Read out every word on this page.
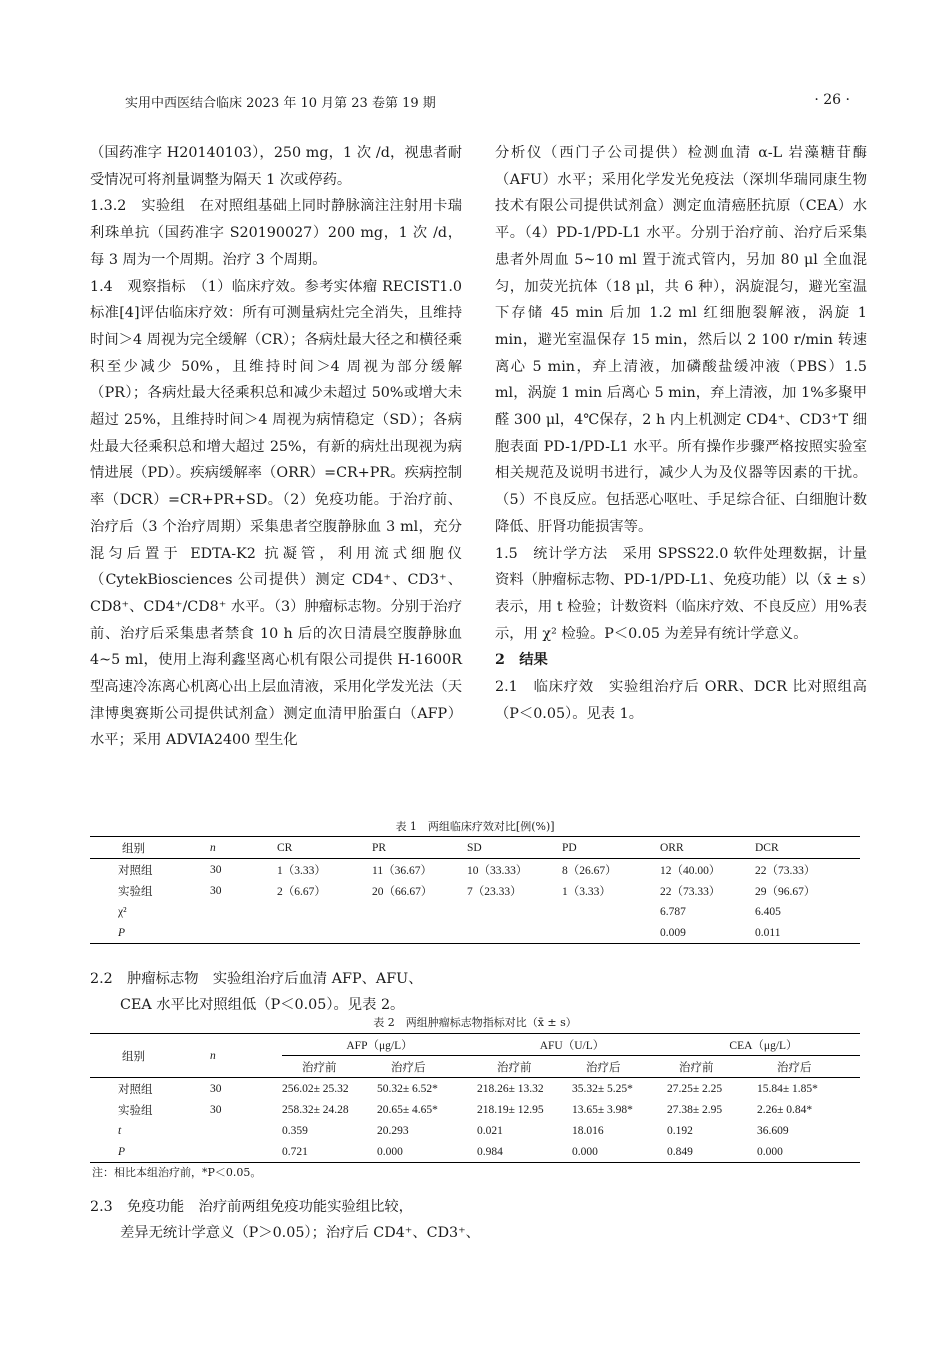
实用中西医结合临床 2023 年 10 月第 23 卷第 19 期	· 26 ·

（国药准字 H20140103），250 mg，1 次 /d，视患者耐受情况可将剂量调整为隔天 1 次或停药。

1.3.2　实验组　 在对照组基础上同时静脉滴注注射用卡瑞利珠单抗（国药准字 S20190027）200 mg，1 次 /d，每 3 周为一个周期。治疗 3 个周期。

1.4　观察指标　 （1）临床疗效。参考实体瘤 RECIST1.0 标准[4]评估临床疗效：所有可测量病灶完全消失，且维持时间＞4 周视为完全缓解（CR）；各病灶最大径之和横径乘积至少减少 50%，且维持时间＞4 周视为部分缓解（PR）；各病灶最大径乘积总和减少未超过 50%或增大未超过 25%，且维持时间＞4 周视为病情稳定（SD）；各病灶最大径乘积总和增大超过 25%，有新的病灶出现视为病情进展（PD）。疾病缓解率（ORR）=CR+PR。疾病控制率（DCR）=CR+PR+SD。（2）免疫功能。于治疗前、治疗后（3 个治疗周期）采集患者空腹静脉血 3 ml，充分混匀后置于 EDTA-K2 抗凝管，利用流式细胞仪（CytekBiosciences 公司提供）测定 CD4⁺、CD3⁺、CD8⁺、CD4⁺/CD8⁺ 水平。（3）肿瘤标志物。分别于治疗前、治疗后采集患者禁食 10 h 后的次日清晨空腹静脉血 4~5 ml，使用上海利鑫坚离心机有限公司提供 H-1600R 型高速冷冻离心机离心出上层血清液，采用化学发光法（天津博奥赛斯公司提供试剂盒）测定血清甲胎蛋白（AFP）水平；采用 ADVIA2400 型生化

分析仪（西门子公司提供）检测血清 α-L 岩藻糖苷酶（AFU）水平；采用化学发光免疫法（深圳华瑞同康生物技术有限公司提供试剂盒）测定血清癌胚抗原（CEA）水平。（4）PD-1/PD-L1 水平。分别于治疗前、治疗后采集患者外周血 5~10 ml 置于流式管内，另加 80 μl 全血混匀，加荧光抗体（18 μl，共 6 种），涡旋混匀，避光室温下存储 45 min 后加 1.2 ml 红细胞裂解液，涡旋 1 min，避光室温保存 15 min，然后以 2 100 r/min 转速离心 5 min，弃上清液，加磷酸盐缓冲液（PBS）1.5 ml，涡旋 1 min 后离心 5 min，弃上清液，加 1%多聚甲醛 300 μl，4℃保存，2 h 内上机测定 CD4⁺、CD3⁺T 细胞表面 PD-1/PD-L1 水平。所有操作步骤严格按照实验室相关规范及说明书进行，减少人为及仪器等因素的干扰。（5）不良反应。包括恶心呕吐、手足综合征、白细胞计数降低、肝肾功能损害等。

1.5　统计学方法　 采用 SPSS22.0 软件处理数据，计量资料（肿瘤标志物、PD-1/PD-L1、免疫功能）以（x̄ ± s）表示，用 t 检验；计数资料（临床疗效、不良反应）用%表示，用 χ² 检验。P＜0.05 为差异有统计学意义。

2　结果

2.1　临床疗效　 实验组治疗后 ORR、DCR 比对照组高（P＜0.05）。见表 1。

表 1　两组临床疗效对比[例(%)]
组别	n	CR	PR	SD	PD	ORR	DCR
对照组	30	1（3.33）	11（36.67）	10（33.33）	8（26.67）	12（40.00）	22（73.33）
实验组	30	2（6.67）	20（66.67）	7（23.33）	1（3.33）	22（73.33）	29（96.67）
χ²						6.787	6.405
P						0.009	0.011
2.2　肿瘤标志物　实验组治疗后血清 AFP、AFU、CEA 水平比对照组低（P＜0.05）。见表 2。
表 2　两组肿瘤标志物指标对比（x̄ ± s）
组别	n	AFP（μg/L）		AFU（U/L）		CEA（μg/L）	
		治疗前	治疗后	治疗前	治疗后	治疗前	治疗后
对照组	30	256.02± 25.32	50.32± 6.52*	218.26± 13.32	35.32± 5.25*	27.25± 2.25	15.84± 1.85*
实验组	30	258.32± 24.28	20.65± 4.65*	218.19± 12.95	13.65± 3.98*	27.38± 2.95	2.26± 0.84*
t		0.359	20.293	0.021	18.016	0.192	36.609
P		0.721	0.000	0.984	0.000	0.849	0.000
注：相比本组治疗前，*P＜0.05。
2.3　免疫功能　治疗前两组免疫功能实验组比较，差异无统计学意义（P＞0.05）；治疗后 CD4⁺、CD3⁺、
